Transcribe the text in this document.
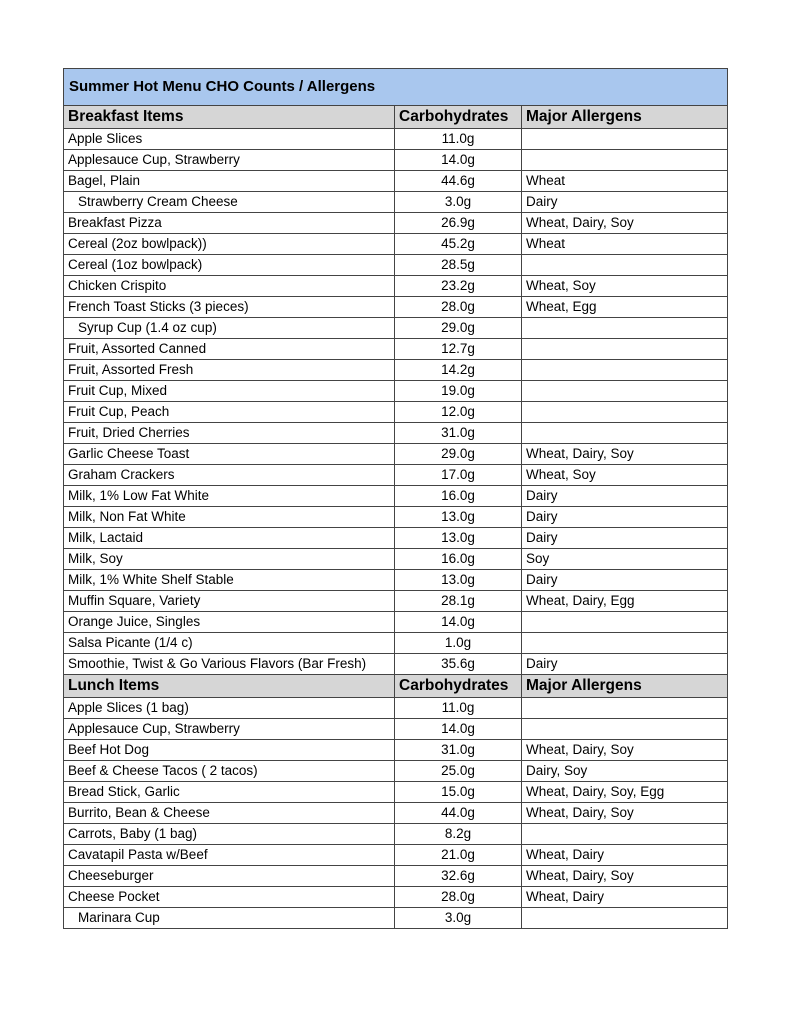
Summer Hot Menu CHO Counts / Allergens		
Breakfast Items	Carbohydrates	Major Allergens
Apple Slices	11.0g	
Applesauce Cup, Strawberry	14.0g	
Bagel, Plain	44.6g	Wheat
Strawberry Cream Cheese	3.0g	Dairy
Breakfast Pizza	26.9g	Wheat, Dairy, Soy
Cereal (2oz bowlpack))	45.2g	Wheat
Cereal (1oz bowlpack)	28.5g	
Chicken Crispito	23.2g	Wheat, Soy
French Toast Sticks (3 pieces)	28.0g	Wheat, Egg
Syrup Cup (1.4 oz cup)	29.0g	
Fruit, Assorted Canned	12.7g	
Fruit, Assorted Fresh	14.2g	
Fruit Cup, Mixed	19.0g	
Fruit Cup, Peach	12.0g	
Fruit, Dried Cherries	31.0g	
Garlic Cheese Toast	29.0g	Wheat, Dairy, Soy
Graham Crackers	17.0g	Wheat, Soy
Milk, 1% Low Fat White	16.0g	Dairy
Milk, Non Fat White	13.0g	Dairy
Milk, Lactaid	13.0g	Dairy
Milk, Soy	16.0g	Soy
Milk, 1% White Shelf Stable	13.0g	Dairy
Muffin Square, Variety	28.1g	Wheat, Dairy, Egg
Orange Juice, Singles	14.0g	
Salsa Picante (1/4 c)	1.0g	
Smoothie, Twist & Go Various Flavors (Bar Fresh)	35.6g	Dairy
Lunch Items	Carbohydrates	Major Allergens
Apple Slices (1 bag)	11.0g	
Applesauce Cup, Strawberry	14.0g	
Beef Hot Dog	31.0g	Wheat, Dairy, Soy
Beef & Cheese Tacos ( 2 tacos)	25.0g	Dairy, Soy
Bread Stick, Garlic	15.0g	Wheat, Dairy, Soy, Egg
Burrito, Bean & Cheese	44.0g	Wheat, Dairy, Soy
Carrots, Baby (1 bag)	8.2g	
Cavatapil Pasta w/Beef	21.0g	Wheat, Dairy
Cheeseburger	32.6g	Wheat, Dairy, Soy
Cheese Pocket	28.0g	Wheat, Dairy
Marinara Cup	3.0g	
